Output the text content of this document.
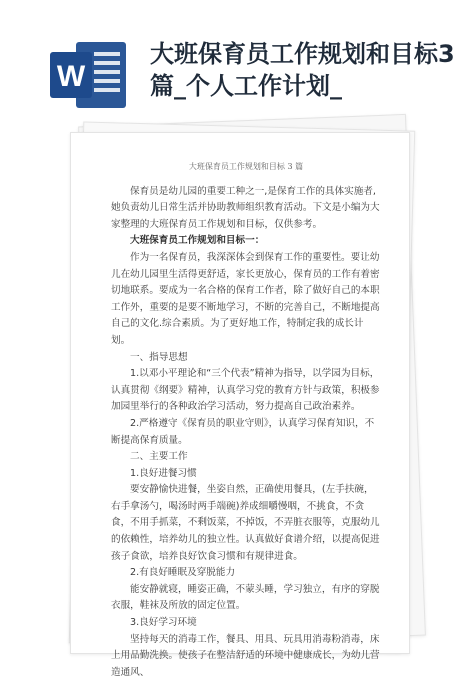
W
大班保育员工作规划和目标3篇_个人工作计划_
大班保育员工作规划和目标 3 篇

保育员是幼儿园的重要工种之一,是保育工作的具体实施者,她负责幼儿日常生活并协助教师组织教育活动。下文是小编为大家整理的大班保育员工作规划和目标，仅供参考。

大班保育员工作规划和目标一：

作为一名保育员，我深深体会到保育工作的重要性。要让幼儿在幼儿园里生活得更舒适，家长更放心，保育员的工作有着密切地联系。要成为一名合格的保育工作者，除了做好自己的本职工作外，重要的是要不断地学习，不断的完善自己，不断地提高自己的文化.综合素质。为了更好地工作，特制定我的成长计划。

一、指导思想

1.以邓小平理论和“三个代表”精神为指导，以学园为目标，认真贯彻《纲要》精神，认真学习党的教育方针与政策，积极参加园里举行的各种政治学习活动，努力提高自己政治素养。

2.严格遵守《保育员的职业守则》，认真学习保育知识，不断提高保育质量。

二、主要工作

1.良好进餐习惯

要安静愉快进餐，坐姿自然，正确使用餐具，(左手扶碗，右手拿汤勺，喝汤时两手端碗)养成细嚼慢咽，不挑食，不贪食，不用手抓菜，不剩饭菜，不掉饭，不弄脏衣服等，克服幼儿的依赖性，培养幼儿的独立性。认真做好食谱介绍，以提高促进孩子食欲，培养良好饮食习惯和有规律进食。

2.有良好睡眠及穿脱能力

能安静就寝，睡姿正确，不蒙头睡，学习独立，有序的穿脱衣服，鞋袜及所放的固定位置。

3.良好学习环境

坚持每天的消毒工作，餐具、用具、玩具用消毒粉消毒，床上用品勤洗换。使孩子在整洁舒适的环境中健康成长，为幼儿营造通风、
